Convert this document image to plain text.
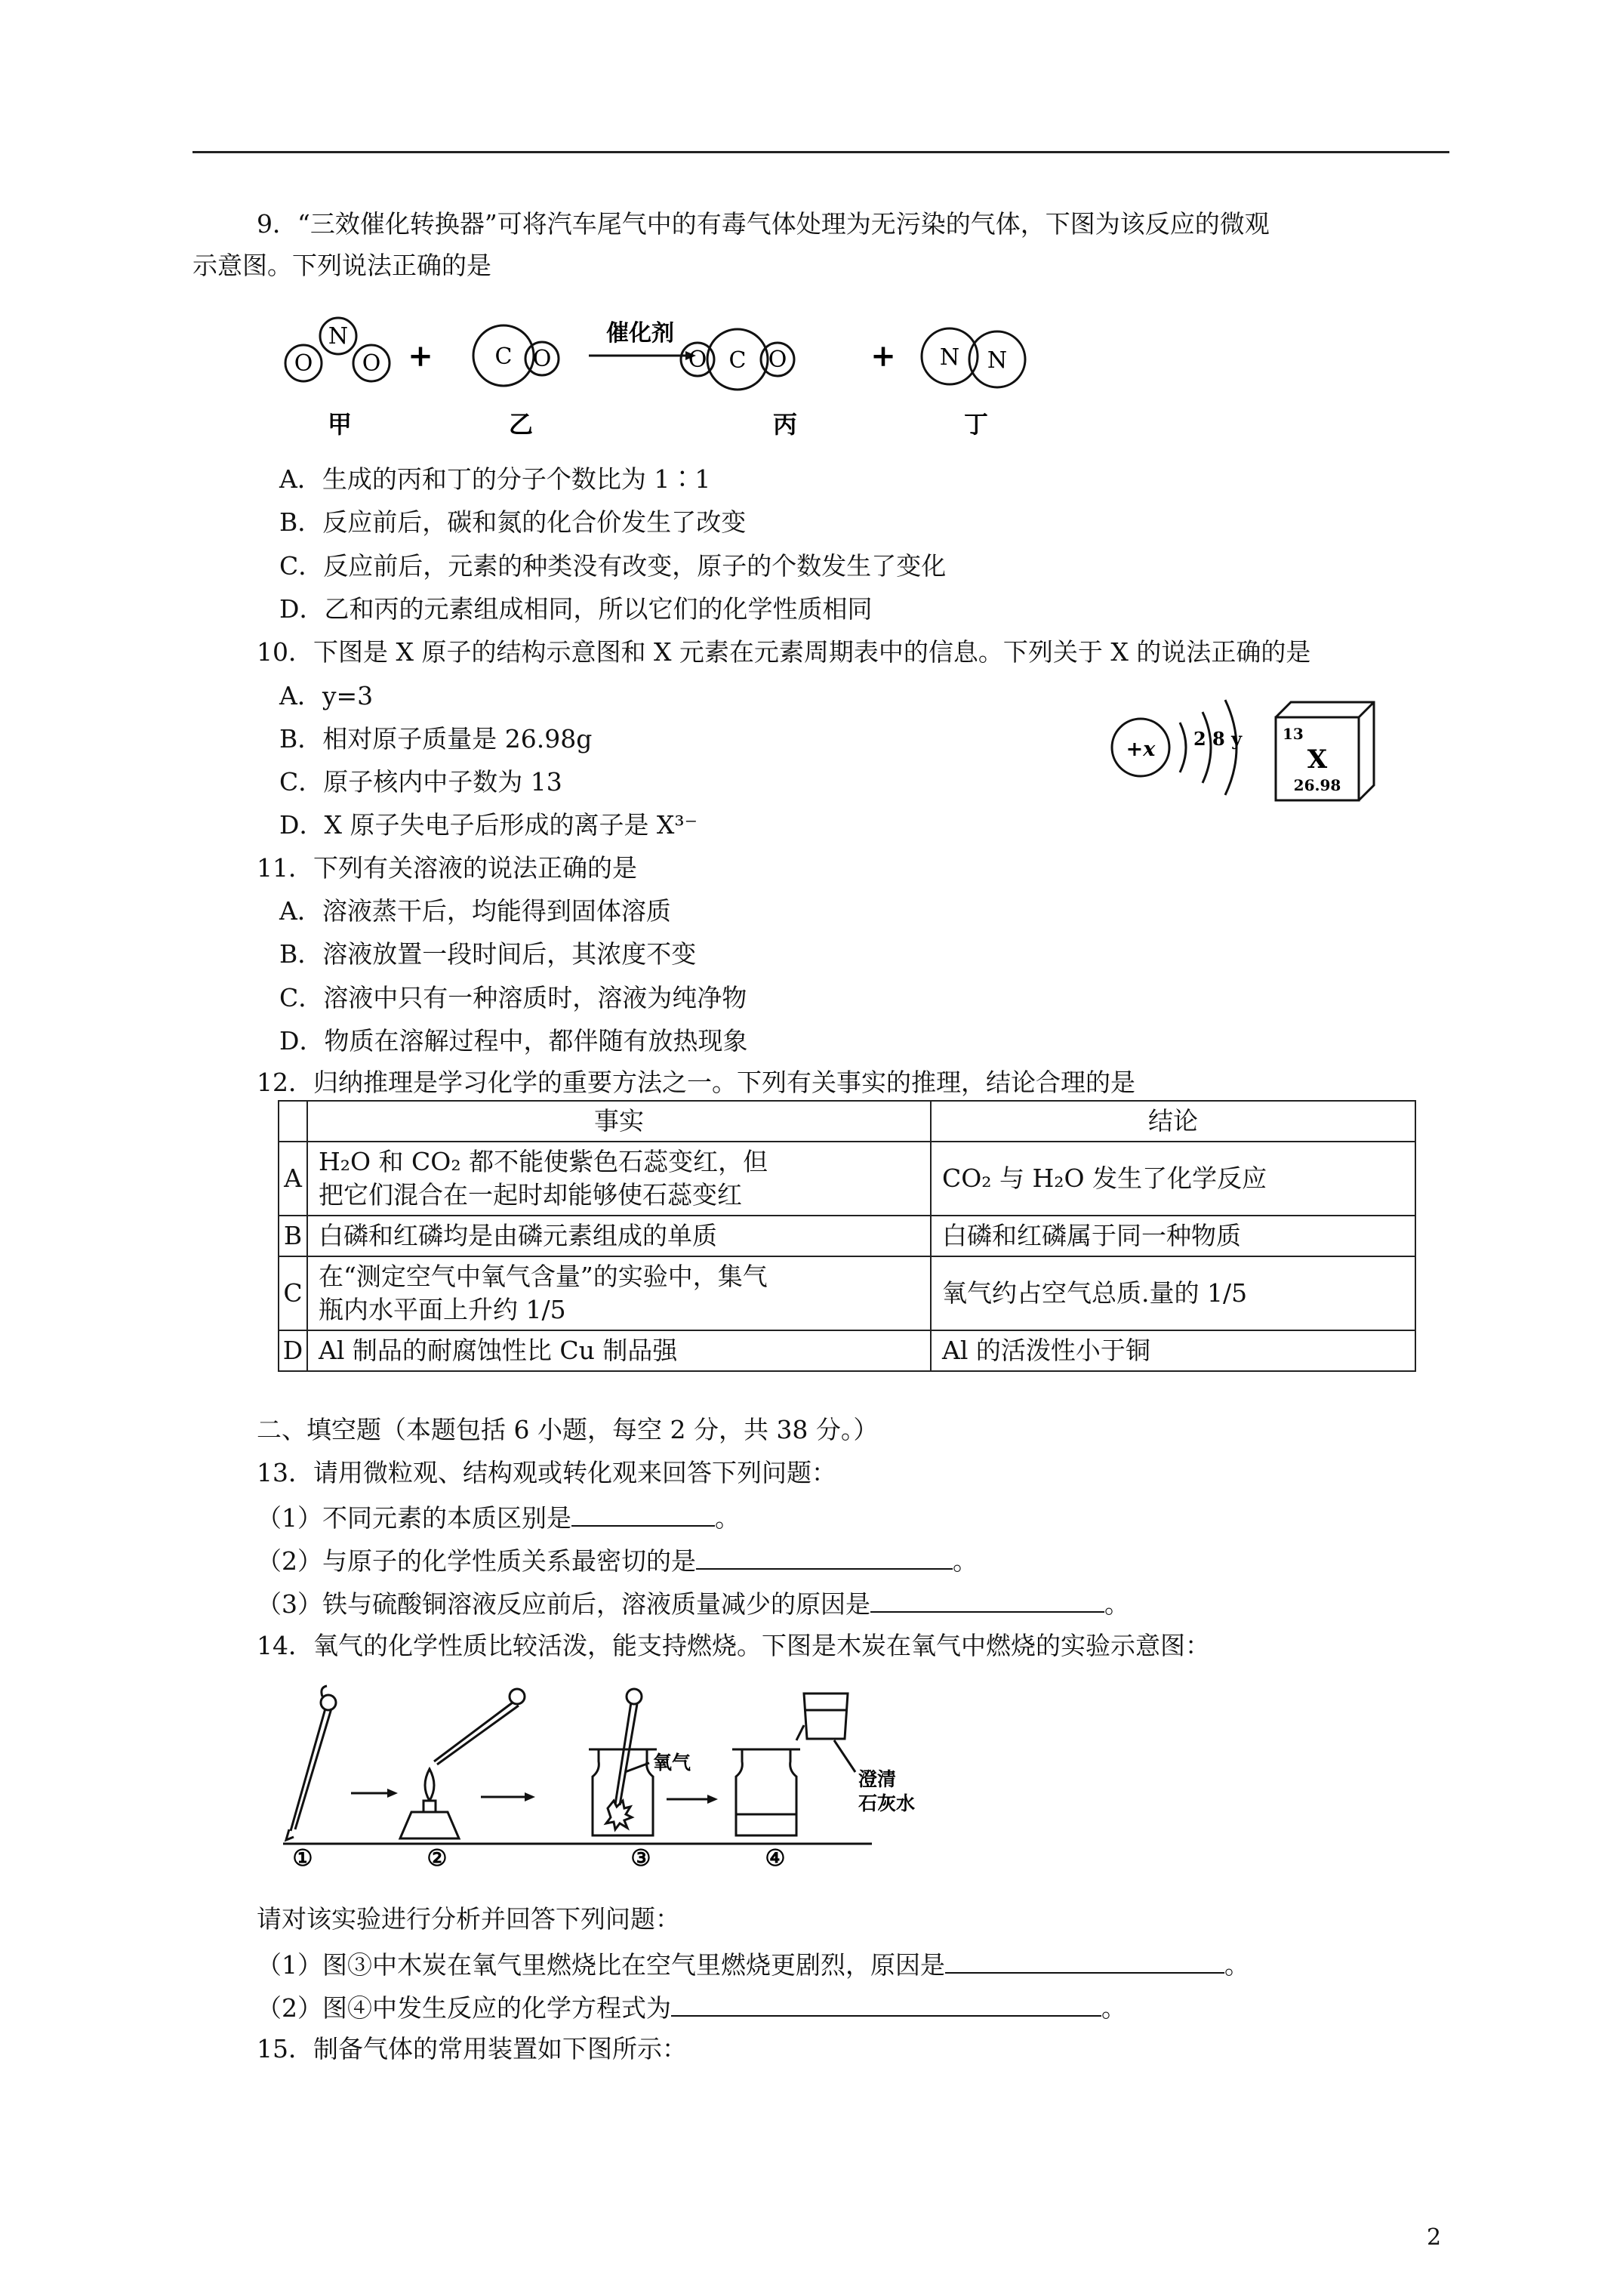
9．“三效催化转换器”可将汽车尾气中的有毒气体处理为无污染的气体，下图为该反应的微观
示意图。下列说法正确的是
N
O O	C O	C
O	O	N N
+	+
催化剂
甲	乙	丙	丁
A．生成的丙和丁的分子个数比为 1∶1
B．反应前后，碳和氮的化合价发生了改变
C．反应前后，元素的种类没有改变，原子的个数发生了变化
D．乙和丙的元素组成相同，所以它们的化学性质相同
10．下图是 X 原子的结构示意图和 X 元素在元素周期表中的信息。下列关于 X 的说法正确的是
A．y=3
B．相对原子质量是 26.98g
C．原子核内中子数为 13
D．X 原子失电子后形成的离子是 X³⁻
+x 2 8 y	13
X
26.98
11．下列有关溶液的说法正确的是
A．溶液蒸干后，均能得到固体溶质
B．溶液放置一段时间后，其浓度不变
C．溶液中只有一种溶质时，溶液为纯净物
D．物质在溶解过程中，都伴随有放热现象
12．归纳推理是学习化学的重要方法之一。下列有关事实的推理，结论合理的是
	事实	结论
A	H₂O 和 CO₂ 都不能使紫色石蕊变红，但
把它们混合在一起时却能够使石蕊变红	CO₂ 与 H₂O 发生了化学反应
B	白磷和红磷均是由磷元素组成的单质	白磷和红磷属于同一种物质
C	在“测定空气中氧气含量”的实验中，集气
瓶内水平面上升约 1/5	氧气约占空气总质.量的 1/5
D	Al 制品的耐腐蚀性比 Cu 制品强	Al 的活泼性小于铜
二、填空题（本题包括 6 小题，每空 2 分，共 38 分。）
13．请用微粒观、结构观或转化观来回答下列问题：
（1）不同元素的本质区别是	。
（2）与原子的化学性质关系最密切的是	。
（3）铁与硫酸铜溶液反应前后，溶液质量减少的原因是	。
14．氧气的化学性质比较活泼，能支持燃烧。下图是木炭在氧气中燃烧的实验示意图：
氧气
澄清
石灰水
①	②	③	④
请对该实验进行分析并回答下列问题：
（1）图③中木炭在氧气里燃烧比在空气里燃烧更剧烈，原因是	。
（2）图④中发生反应的化学方程式为	。
15．制备气体的常用装置如下图所示：
2
